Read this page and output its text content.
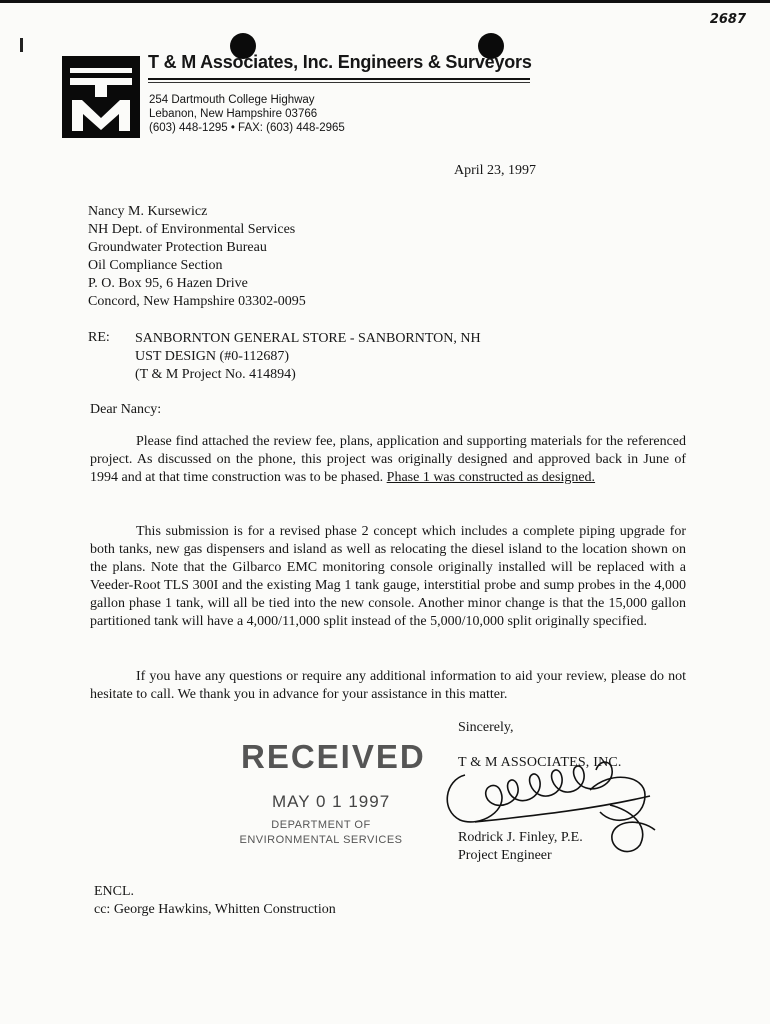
2687
T & M Associates, Inc. Engineers & Surveyors
254 Dartmouth College Highway
Lebanon, New Hampshire 03766
(603) 448-1295 • FAX: (603) 448-2965
April 23, 1997
Nancy M. Kursewicz
NH Dept. of Environmental Services
Groundwater Protection Bureau
Oil Compliance Section
P. O. Box 95, 6 Hazen Drive
Concord, New Hampshire 03302-0095
RE: SANBORNTON GENERAL STORE - SANBORNTON, NH
UST DESIGN (#0-112687)
(T & M Project No. 414894)
Dear Nancy:
Please find attached the review fee, plans, application and supporting materials for the referenced project. As discussed on the phone, this project was originally designed and approved back in June of 1994 and at that time construction was to be phased. Phase 1 was constructed as designed.
This submission is for a revised phase 2 concept which includes a complete piping upgrade for both tanks, new gas dispensers and island as well as relocating the diesel island to the location shown on the plans. Note that the Gilbarco EMC monitoring console originally installed will be replaced with a Veeder-Root TLS 300I and the existing Mag 1 tank gauge, interstitial probe and sump probes in the 4,000 gallon phase 1 tank, will all be tied into the new console. Another minor change is that the 15,000 gallon partitioned tank will have a 4,000/11,000 split instead of the 5,000/10,000 split originally specified.
If you have any questions or require any additional information to aid your review, please do not hesitate to call. We thank you in advance for your assistance in this matter.
RECEIVED
MAY 0 1 1997
DEPARTMENT OF
ENVIRONMENTAL SERVICES
Sincerely,
T & M ASSOCIATES, INC.
Rodrick J. Finley, P.E.
Project Engineer
ENCL.
cc: George Hawkins, Whitten Construction
